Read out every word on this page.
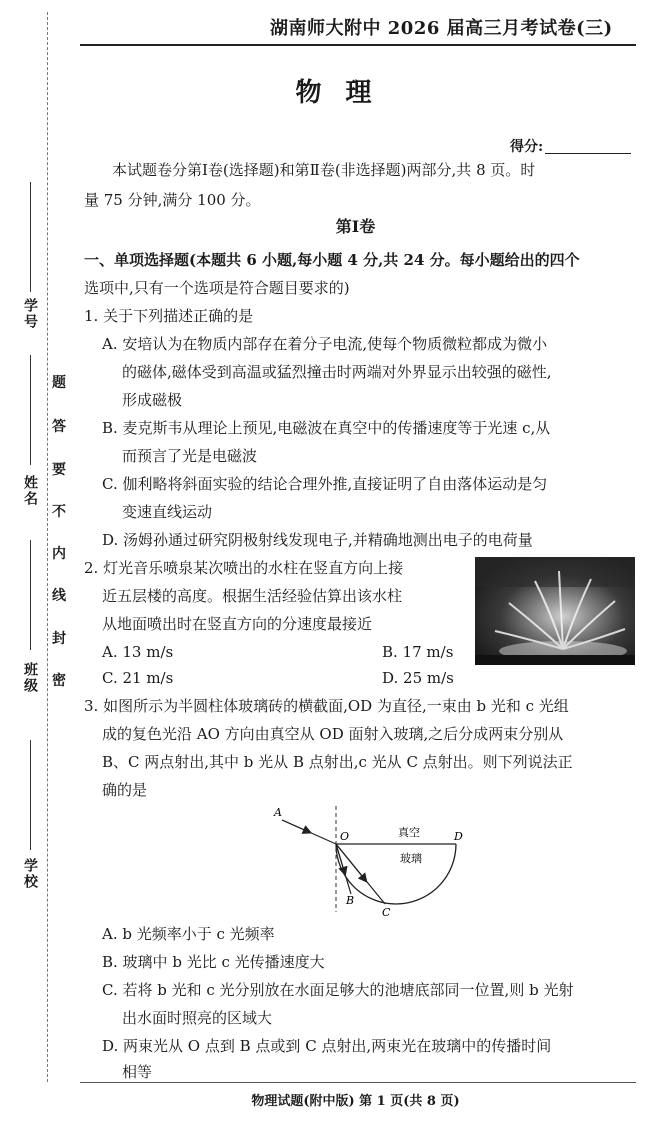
学号
姓名
班级
学校
题
答
要
不
内
线
封
密
湖南师大附中 2026 届高三月考试卷(三)
物理
得分:
本试题卷分第Ⅰ卷(选择题)和第Ⅱ卷(非选择题)两部分,共 8 页。时
量 75 分钟,满分 100 分。
第Ⅰ卷
一、单项选择题(本题共 6 小题,每小题 4 分,共 24 分。每小题给出的四个
选项中,只有一个选项是符合题目要求的)
1. 关于下列描述正确的是
A. 安培认为在物质内部存在着分子电流,使每个物质微粒都成为微小
的磁体,磁体受到高温或猛烈撞击时两端对外界显示出较强的磁性,
形成磁极
B. 麦克斯韦从理论上预见,电磁波在真空中的传播速度等于光速 c,从
而预言了光是电磁波
C. 伽利略将斜面实验的结论合理外推,直接证明了自由落体运动是匀
变速直线运动
D. 汤姆孙通过研究阴极射线发现电子,并精确地测出电子的电荷量
2. 灯光音乐喷泉某次喷出的水柱在竖直方向上接
近五层楼的高度。根据生活经验估算出该水柱
从地面喷出时在竖直方向的分速度最接近
A. 13 m/s	B. 17 m/s
C. 21 m/s	D. 25 m/s
3. 如图所示为半圆柱体玻璃砖的横截面,OD 为直径,一束由 b 光和 c 光组
成的复色光沿 AO 方向由真空从 OD 面射入玻璃,之后分成两束分别从
B、C 两点射出,其中 b 光从 B 点射出,c 光从 C 点射出。则下列说法正
确的是
A
O	D
B
C
真空
玻璃
A. b 光频率小于 c 光频率
B. 玻璃中 b 光比 c 光传播速度大
C. 若将 b 光和 c 光分别放在水面足够大的池塘底部同一位置,则 b 光射
出水面时照亮的区域大
D. 两束光从 O 点到 B 点或到 C 点射出,两束光在玻璃中的传播时间
相等
物理试题(附中版) 第 1 页(共 8 页)
